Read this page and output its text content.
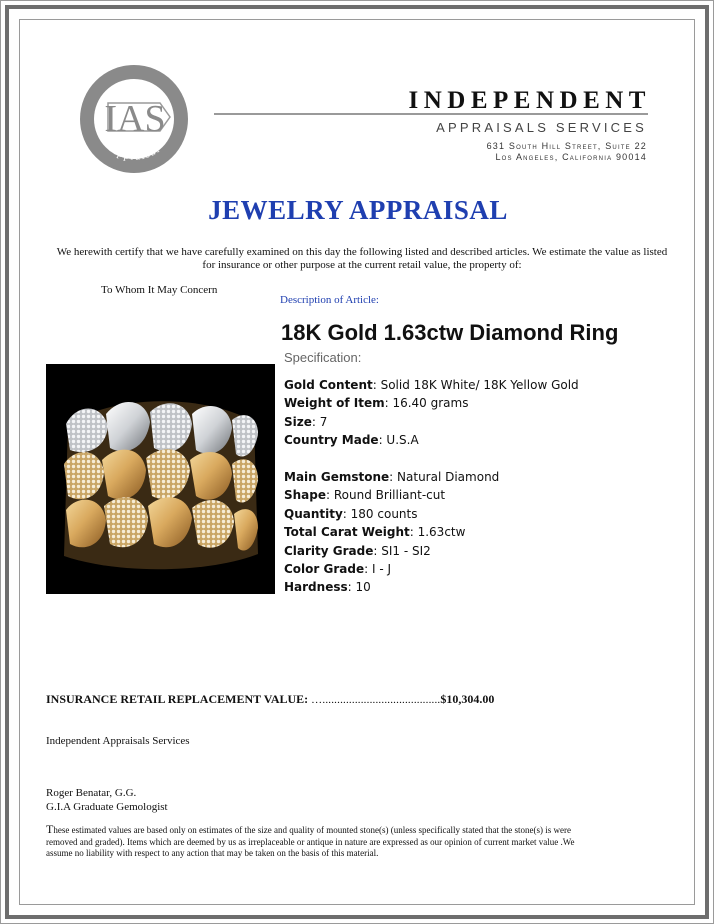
IAS
Appraisal
INDEPENDENT
APPRAISALS SERVICES
631 South Hill Street, Suite 22
Los Angeles, California 90014
JEWELRY APPRAISAL
We herewith certify that we have carefully examined on this day the following listed and described articles. We estimate the value as listed for insurance or other purpose at the current retail value, the property of:
To Whom It May Concern
Description of Article:
18K Gold 1.63ctw Diamond Ring
Specification:
Gold Content: Solid 18K White/ 18K Yellow Gold
Weight of Item: 16.40 grams
Size: 7
Country Made: U.S.A
Main Gemstone: Natural Diamond
Shape: Round Brilliant-cut
Quantity: 180 counts
Total Carat Weight: 1.63ctw
Clarity Grade: SI1 - SI2
Color Grade: I - J
Hardness: 10
INSURANCE RETAIL REPLACEMENT VALUE: …........................................$10,304.00
Independent Appraisals Services
Roger Benatar, G.G.
G.I.A Graduate Gemologist
These estimated values are based only on estimates of the size and quality of mounted stone(s) (unless specifically stated that the stone(s) is were removed and graded). Items which are deemed by us as irreplaceable or antique in nature are expressed as our opinion of current market value .We assume no liability with respect to any action that may be taken on the basis of this material.
